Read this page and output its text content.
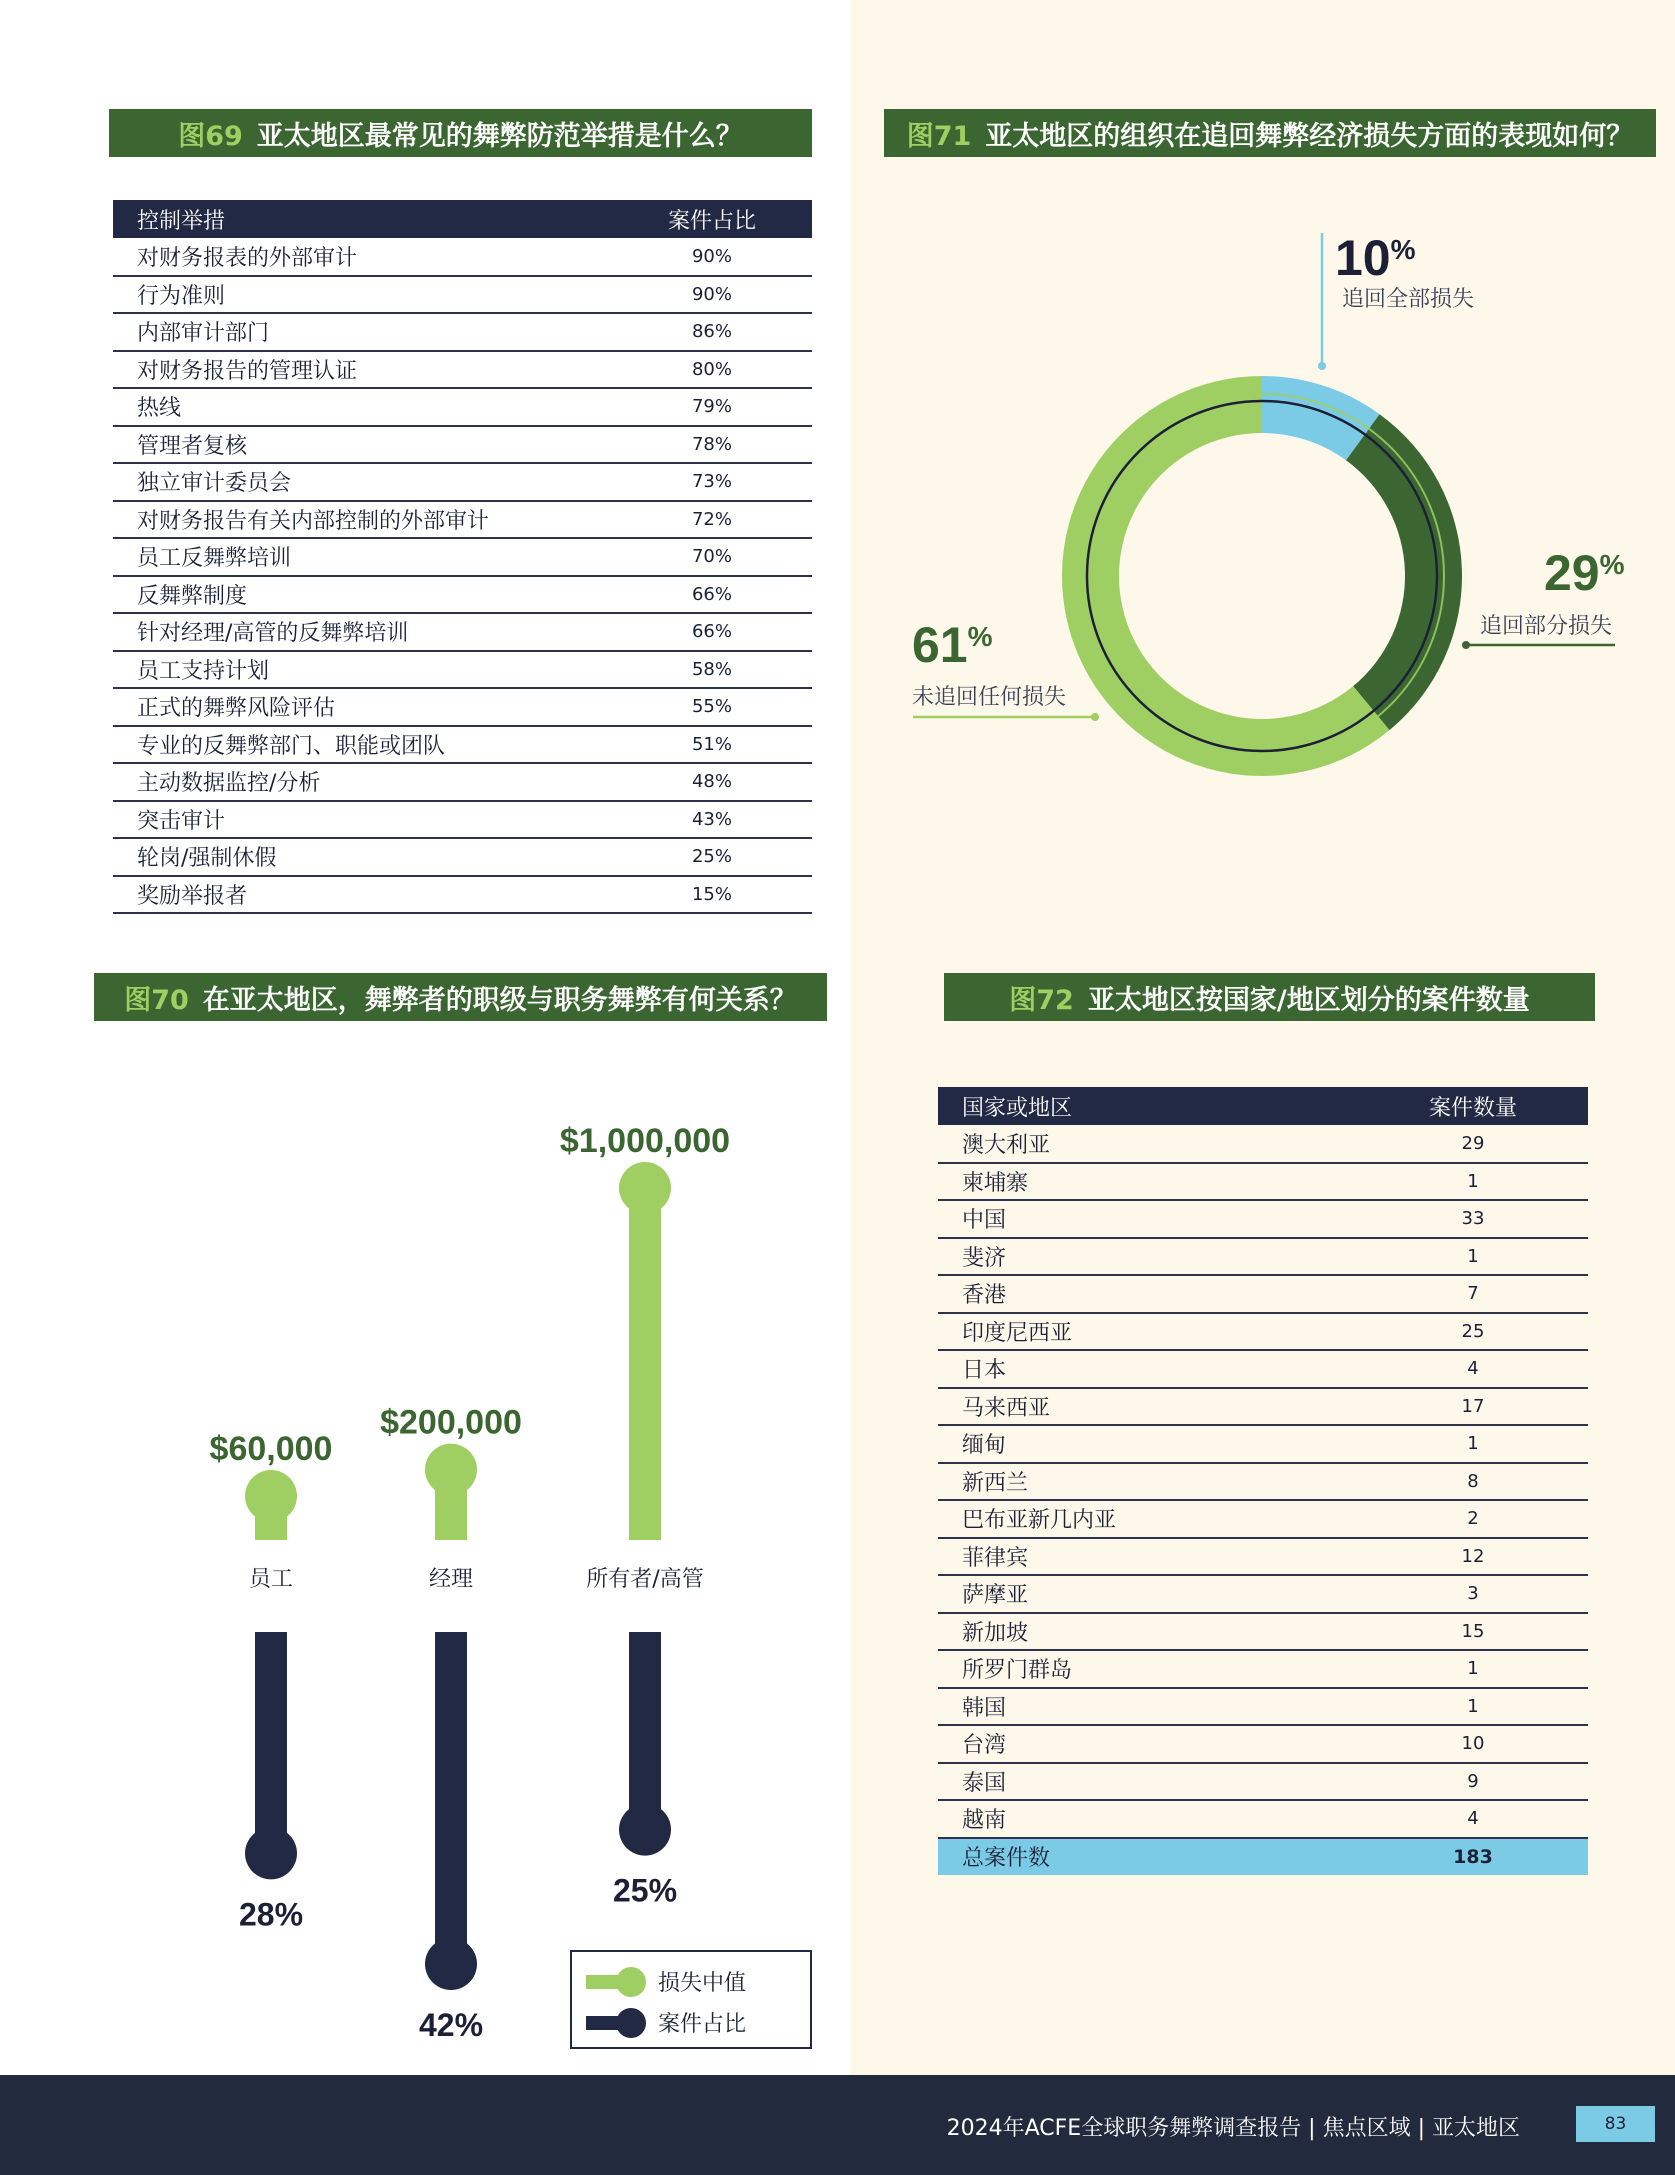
图69 亚太地区最常见的舞弊防范举措是什么？
控制举措	案件占比
对财务报表的外部审计	90%
行为准则	90%
内部审计部门	86%
对财务报告的管理认证	80%
热线	79%
管理者复核	78%
独立审计委员会	73%
对财务报告有关内部控制的外部审计	72%
员工反舞弊培训	70%
反舞弊制度	66%
针对经理/高管的反舞弊培训	66%
员工支持计划	58%
正式的舞弊风险评估	55%
专业的反舞弊部门、职能或团队	51%
主动数据监控/分析	48%
突击审计	43%
轮岗/强制休假	25%
奖励举报者	15%
图71 亚太地区的组织在追回舞弊经济损失方面的表现如何？
10%
追回全部损失
29%
追回部分损失
61%
未追回任何损失
图70 在亚太地区，舞弊者的职级与职务舞弊有何关系？
$60,000
员工
28%
$200,000
经理
42%
$1,000,000
所有者/高管
25%
损失中值
案件占比
图72 亚太地区按国家/地区划分的案件数量
国家或地区	案件数量
澳大利亚	29
柬埔寨	1
中国	33
斐济	1
香港	7
印度尼西亚	25
日本	4
马来西亚	17
缅甸	1
新西兰	8
巴布亚新几内亚	2
菲律宾	12
萨摩亚	3
新加坡	15
所罗门群岛	1
韩国	1
台湾	10
泰国	9
越南	4
总案件数	183
2024年ACFE全球职务舞弊调查报告 | 焦点区域 | 亚太地区	83
